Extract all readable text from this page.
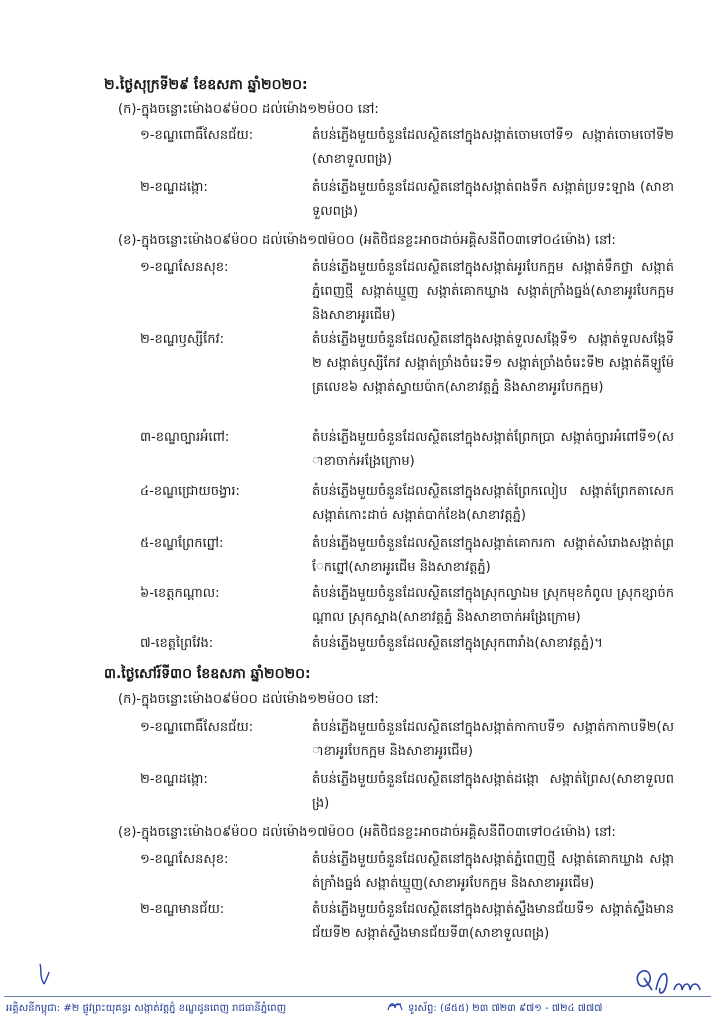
២.ថ្ងៃសុក្រទី២៩ ខែឧសភា ឆ្នាំ២០២០:
(ក)-ក្នុងចន្លោះម៉ោង០៩ម៉០០ ដល់ម៉ោង១២ម៉០០ នៅ:
១-ខណ្ឌពោធិ៍សែនជ័យ:	តំបន់ភ្លើងមួយចំនួនដែលស្ថិតនៅក្នុងសង្កាត់ចោមចៅទី១ សង្កាត់ចោមចៅទី២(សាខាទួលពង្រ)
២-ខណ្ឌដង្កោ:	តំបន់ភ្លើងមួយចំនួនដែលស្ថិតនៅក្នុងសង្កាត់ពងទឹក សង្កាត់ប្រទះឡាង (សាខាទួលពង្រ)
(ខ)-ក្នុងចន្លោះម៉ោង០៩ម៉០០ ដល់ម៉ោង១៧ម៉០០ (អតិថិជនខ្លះអាចដាច់អគ្គិសនីពី០៣ទៅ០៤ម៉ោង) នៅ:
១-ខណ្ឌសែនសុខ:	តំបន់ភ្លើងមួយចំនួនដែលស្ថិតនៅក្នុងសង្កាត់អូរបែកក្អម សង្កាត់ទឹកថ្លា សង្កាត់ភ្នំពេញថ្មី សង្កាត់ឃ្មួញ សង្កាត់គោកឃ្លាង សង្កាត់ក្រាំងធ្នង់(សាខាអូរបែកក្អម និងសាខាអូរជើម)
២-ខណ្ឌឫស្សីកែវ:	តំបន់ភ្លើងមួយចំនួនដែលស្ថិតនៅក្នុងសង្កាត់ទួលសង្កែទី១ សង្កាត់ទួលសង្កែទី២ សង្កាត់ឫស្សីកែវ សង្កាត់ច្រាំងចំរេះទី១ សង្កាត់ច្រាំងចំរេះទី២ សង្កាត់គីឡូម៉ែត្រលេខ៦ សង្កាត់ស្វាយប៉ាក(សាខាវត្តភ្នំ និងសាខាអូរបែកក្អម)
៣-ខណ្ឌច្បារអំពៅ:	តំបន់ភ្លើងមួយចំនួនដែលស្ថិតនៅក្នុងសង្កាត់ព្រែកប្រា សង្កាត់ច្បារអំពៅទី១(សាខាចាក់អង្រែក្រោម)
៤-ខណ្ឌជ្រោយចង្វារ:	តំបន់ភ្លើងមួយចំនួនដែលស្ថិតនៅក្នុងសង្កាត់ព្រែកលៀប សង្កាត់ព្រែកតាសេក សង្កាត់កោះដាច់ សង្កាត់បាក់ខែង(សាខាវត្តភ្នំ)
៥-ខណ្ឌព្រែកព្នៅ:	តំបន់ភ្លើងមួយចំនួនដែលស្ថិតនៅក្នុងសង្កាត់គោករកា សង្កាត់សំរោងសង្កាត់ព្រែកព្នៅ(សាខាអូរជើម និងសាខាវត្តភ្នំ)
៦-ខេត្តកណ្តាល:	តំបន់ភ្លើងមួយចំនួនដែលស្ថិតនៅក្នុងស្រុកល្វាឯម ស្រុកមុខកំពូល ស្រុកខ្សាច់កណ្តាល ស្រុកស្អាង(សាខាវត្តភ្នំ និងសាខាចាក់អង្រែក្រោម)
៧-ខេត្តព្រៃវែង:	តំបន់ភ្លើងមួយចំនួនដែលស្ថិតនៅក្នុងស្រុកពារាំង(សាខាវត្តភ្នំ)។
៣.ថ្ងៃសៅរ៍ទី៣០ ខែឧសភា ឆ្នាំ២០២០:
(ក)-ក្នុងចន្លោះម៉ោង០៩ម៉០០ ដល់ម៉ោង១២ម៉០០ នៅ:
១-ខណ្ឌពោធិ៍សែនជ័យ:	តំបន់ភ្លើងមួយចំនួនដែលស្ថិតនៅក្នុងសង្កាត់កាកាបទី១ សង្កាត់កាកាបទី២(សាខាអូរបែកក្អម និងសាខាអូរជើម)
២-ខណ្ឌដង្កោ:	តំបន់ភ្លើងមួយចំនួនដែលស្ថិតនៅក្នុងសង្កាត់ដង្កោ សង្កាត់ព្រៃស(សាខាទួលពង្រ)
(ខ)-ក្នុងចន្លោះម៉ោង០៩ម៉០០ ដល់ម៉ោង១៧ម៉០០ (អតិថិជនខ្លះអាចដាច់អគ្គិសនីពី០៣ទៅ០៤ម៉ោង) នៅ:
១-ខណ្ឌសែនសុខ:	តំបន់ភ្លើងមួយចំនួនដែលស្ថិតនៅក្នុងសង្កាត់ភ្នំពេញថ្មី សង្កាត់គោកឃ្លាង សង្កាត់ក្រាំងធ្នង់ សង្កាត់ឃ្មួញ(សាខាអូរបែកក្អម និងសាខាអូរជើម)
២-ខណ្ឌមានជ័យ:	តំបន់ភ្លើងមួយចំនួនដែលស្ថិតនៅក្នុងសង្កាត់ស្ទឹងមានជ័យទី១ សង្កាត់ស្ទឹងមានជ័យទី២ សង្កាត់ស្ទឹងមានជ័យទី៣(សាខាទួលពង្រ)
អគ្គិសនីកម្ពុជា: #២ ផ្លូវព្រះយុគន្ធរ សង្កាត់វត្តភ្នំ ខណ្ឌដូនពេញ រាជធានីភ្នំពេញ	ទូរស័ព្ទ: (៨៥៥) ២៣ ៧២៣ ៩៧១ - ៧២៤ ៧៧៧
